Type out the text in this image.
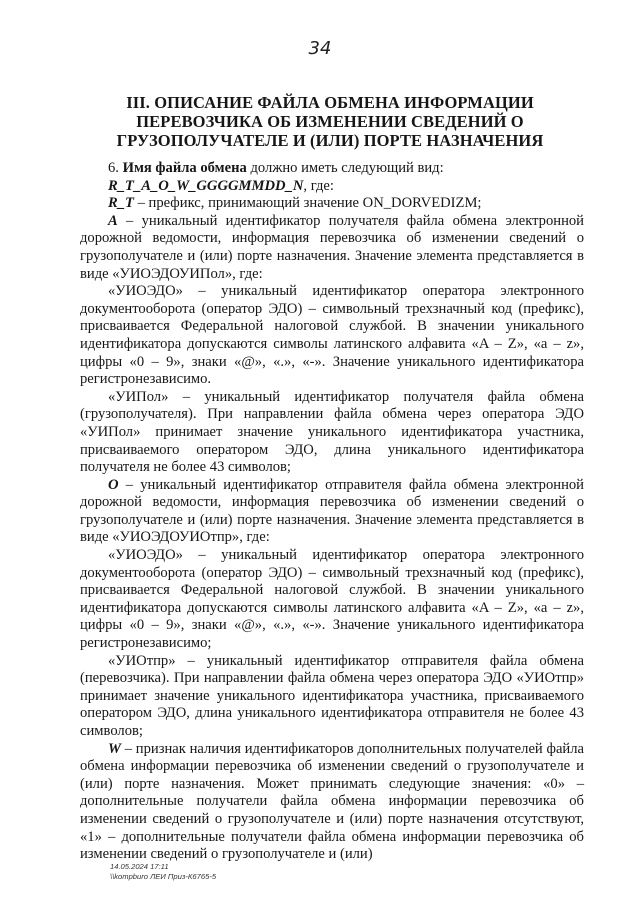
34
III. ОПИСАНИЕ ФАЙЛА ОБМЕНА ИНФОРМАЦИИ
ПЕРЕВОЗЧИКА ОБ ИЗМЕНЕНИИ СВЕДЕНИЙ О
ГРУЗОПОЛУЧАТЕЛЕ И (ИЛИ) ПОРТЕ НАЗНАЧЕНИЯ

6. Имя файла обмена должно иметь следующий вид:

R_T_A_O_W_GGGGMMDD_N, где:

R_T – префикс, принимающий значение ON_DORVEDIZM;

A – уникальный идентификатор получателя файла обмена электронной дорожной ведомости, информация перевозчика об изменении сведений о грузополучателе и (или) порте назначения. Значение элемента представляется в виде «УИОЭДОУИПол», где:

«УИОЭДО» – уникальный идентификатор оператора электронного документооборота (оператор ЭДО) – символьный трехзначный код (префикс), присваивается Федеральной налоговой службой. В значении уникального идентификатора допускаются символы латинского алфавита «A – Z», «a – z», цифры «0 – 9», знаки «@», «.», «-». Значение уникального идентификатора регистронезависимо.

«УИПол» – уникальный идентификатор получателя файла обмена (грузополучателя). При направлении файла обмена через оператора ЭДО «УИПол» принимает значение уникального идентификатора участника, присваиваемого оператором ЭДО, длина уникального идентификатора получателя не более 43 символов;

O – уникальный идентификатор отправителя файла обмена электронной дорожной ведомости, информация перевозчика об изменении сведений о грузополучателе и (или) порте назначения. Значение элемента представляется в виде «УИОЭДОУИОтпр», где:

«УИОЭДО» – уникальный идентификатор оператора электронного документооборота (оператор ЭДО) – символьный трехзначный код (префикс), присваивается Федеральной налоговой службой. В значении уникального идентификатора допускаются символы латинского алфавита «A – Z», «a – z», цифры «0 – 9», знаки «@», «.», «-». Значение уникального идентификатора регистронезависимо;

«УИОтпр» – уникальный идентификатор отправителя файла обмена (перевозчика). При направлении файла обмена через оператора ЭДО «УИОтпр» принимает значение уникального идентификатора участника, присваиваемого оператором ЭДО, длина уникального идентификатора отправителя не более 43 символов;

W – признак наличия идентификаторов дополнительных получателей файла обмена информации перевозчика об изменении сведений о грузополучателе и (или) порте назначения. Может принимать следующие значения: «0» – дополнительные получатели файла обмена информации перевозчика об изменении сведений о грузополучателе и (или) порте назначения отсутствуют, «1» – дополнительные получатели файла обмена информации перевозчика об изменении сведений о грузополучателе и (или)

14.05.2024 17:11
\\kompburo ЛЕИ Приз-К6765-5
